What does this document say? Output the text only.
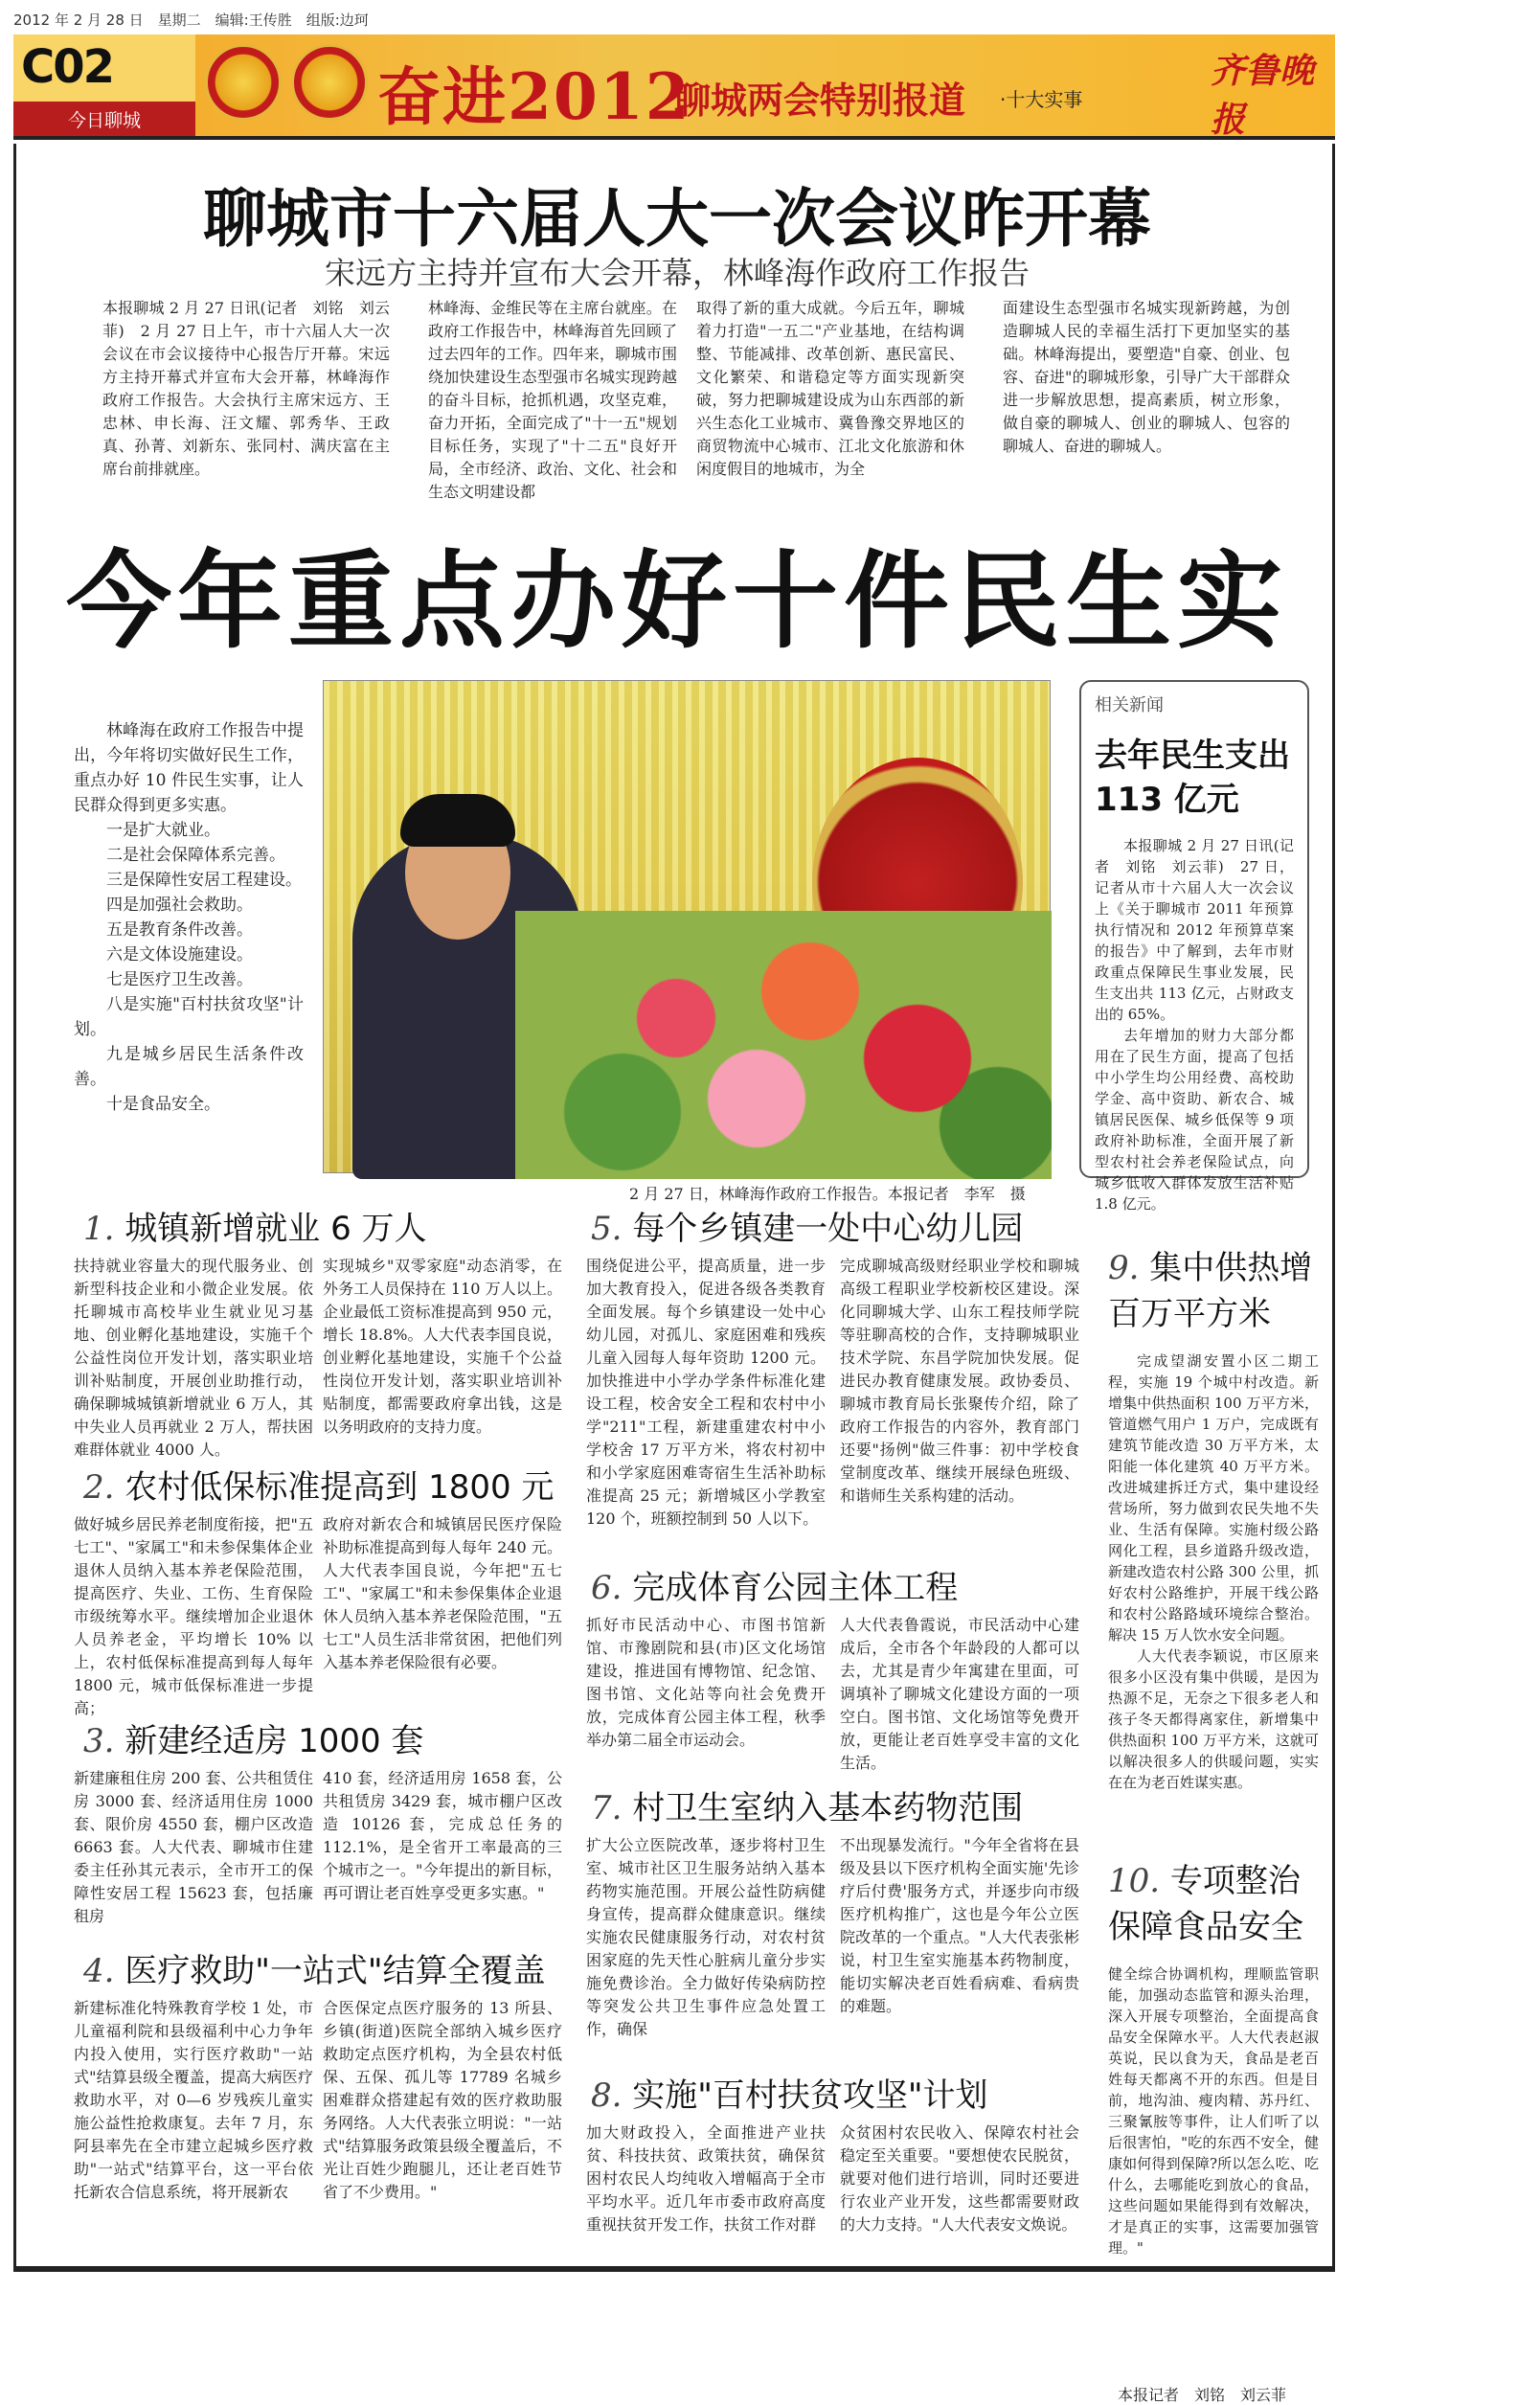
2012 年 2 月 28 日　星期二　编辑:王传胜　组版:边珂
C02
今日聊城	奋进2012
聊城两会特别报道 ·十大实事
齐鲁晚报
聊城市十六届人大一次会议昨开幕
宋远方主持并宣布大会开幕，林峰海作政府工作报告
本报聊城 2 月 27 日讯(记者　刘铭　刘云菲)　2 月 27 日上午，市十六届人大一次会议在市会议接待中心报告厅开幕。宋远方主持开幕式并宣布大会开幕，林峰海作政府工作报告。大会执行主席宋远方、王忠林、申长海、汪文耀、郭秀华、王政真、孙菁、刘新东、张同村、满庆富在主席台前排就座。
林峰海、金维民等在主席台就座。在政府工作报告中，林峰海首先回顾了过去四年的工作。四年来，聊城市围绕加快建设生态型强市名城实现跨越的奋斗目标，抢抓机遇，攻坚克难，奋力开拓，全面完成了"十一五"规划目标任务，实现了"十二五"良好开局，全市经济、政治、文化、社会和生态文明建设都
取得了新的重大成就。今后五年，聊城着力打造"一五二"产业基地，在结构调整、节能减排、改革创新、惠民富民、文化繁荣、和谐稳定等方面实现新突破，努力把聊城建设成为山东西部的新兴生态化工业城市、冀鲁豫交界地区的商贸物流中心城市、江北文化旅游和休闲度假目的地城市，为全
面建设生态型强市名城实现新跨越，为创造聊城人民的幸福生活打下更加坚实的基础。林峰海提出，要塑造"自豪、创业、包容、奋进"的聊城形象，引导广大干部群众进一步解放思想，提高素质，树立形象，做自豪的聊城人、创业的聊城人、包容的聊城人、奋进的聊城人。
今年重点办好十件民生实

林峰海在政府工作报告中提出，今年将切实做好民生工作，重点办好 10 件民生实事，让人民群众得到更多实惠。

一是扩大就业。

二是社会保障体系完善。

三是保障性安居工程建设。

四是加强社会救助。

五是教育条件改善。

六是文体设施建设。

七是医疗卫生改善。

八是实施"百村扶贫攻坚"计划。

九是城乡居民生活条件改善。

十是食品安全。

2 月 27 日，林峰海作政府工作报告。本报记者　李军　摄
相关新闻
去年民生支出 113 亿元

本报聊城 2 月 27 日讯(记者　刘铭　刘云菲)　27 日，记者从市十六届人大一次会议上《关于聊城市 2011 年预算执行情况和 2012 年预算草案的报告》中了解到，去年市财政重点保障民生事业发展，民生支出共 113 亿元，占财政支出的 65%。

去年增加的财力大部分都用在了民生方面，提高了包括中小学生均公用经费、高校助学金、高中资助、新农合、城镇居民医保、城乡低保等 9 项政府补助标准，全面开展了新型农村社会养老保险试点，向城乡低收入群体发放生活补贴 1.8 亿元。

1. 城镇新增就业 6 万人
扶持就业容量大的现代服务业、创新型科技企业和小微企业发展。依托聊城市高校毕业生就业见习基地、创业孵化基地建设，实施千个公益性岗位开发计划，落实职业培训补贴制度，开展创业助推行动，确保聊城城镇新增就业 6 万人，其中失业人员再就业 2 万人，帮扶困难群体就业 4000 人。
实现城乡"双零家庭"动态消零，在外务工人员保持在 110 万人以上。企业最低工资标准提高到 950 元，增长 18.8%。人大代表李国良说，创业孵化基地建设，实施千个公益性岗位开发计划，落实职业培训补贴制度，都需要政府拿出钱，这是以务明政府的支持力度。
2. 农村低保标准提高到 1800 元
做好城乡居民养老制度衔接，把"五七工"、"家属工"和未参保集体企业退休人员纳入基本养老保险范围，提高医疗、失业、工伤、生育保险市级统筹水平。继续增加企业退休人员养老金，平均增长 10% 以上，农村低保标准提高到每人每年 1800 元，城市低保标准进一步提高；
政府对新农合和城镇居民医疗保险补助标准提高到每人每年 240 元。人大代表李国良说，今年把"五七工"、"家属工"和未参保集体企业退休人员纳入基本养老保险范围，"五七工"人员生活非常贫困，把他们列入基本养老保险很有必要。
3. 新建经适房 1000 套
新建廉租住房 200 套、公共租赁住房 3000 套、经济适用住房 1000 套、限价房 4550 套，棚户区改造 6663 套。人大代表、聊城市住建委主任孙其元表示，全市开工的保障性安居工程 15623 套，包括廉租房
410 套，经济适用房 1658 套，公共租赁房 3429 套，城市棚户区改造 10126 套，完成总任务的 112.1%，是全省开工率最高的三个城市之一。"今年提出的新目标，再可谓让老百姓享受更多实惠。"
4. 医疗救助"一站式"结算全覆盖
新建标准化特殊教育学校 1 处，市儿童福利院和县级福利中心力争年内投入使用，实行医疗救助"一站式"结算县级全覆盖，提高大病医疗救助水平，对 0—6 岁残疾儿童实施公益性抢救康复。去年 7 月，东阿县率先在全市建立起城乡医疗救助"一站式"结算平台，这一平台依托新农合信息系统，将开展新农
合医保定点医疗服务的 13 所县、乡镇(街道)医院全部纳入城乡医疗救助定点医疗机构，为全县农村低保、五保、孤儿等 17789 名城乡困难群众搭建起有效的医疗救助服务网络。人大代表张立明说："一站式"结算服务政策县级全覆盖后，不光让百姓少跑腿儿，还让老百姓节省了不少费用。"
5. 每个乡镇建一处中心幼儿园
围绕促进公平，提高质量，进一步加大教育投入，促进各级各类教育全面发展。每个乡镇建设一处中心幼儿园，对孤儿、家庭困难和残疾儿童入园每人每年资助 1200 元。加快推进中小学办学条件标准化建设工程，校舍安全工程和农村中小学"211"工程，新建重建农村中小学校舍 17 万平方米，将农村初中和小学家庭困难寄宿生生活补助标准提高 25 元；新增城区小学教室 120 个，班额控制到 50 人以下。
完成聊城高级财经职业学校和聊城高级工程职业学校新校区建设。深化同聊城大学、山东工程技师学院等驻聊高校的合作，支持聊城职业技术学院、东昌学院加快发展。促进民办教育健康发展。政协委员、聊城市教育局长张聚传介绍，除了政府工作报告的内容外，教育部门还要"扬例"做三件事：初中学校食堂制度改革、继续开展绿色班级、和谐师生关系构建的活动。
6. 完成体育公园主体工程
抓好市民活动中心、市图书馆新馆、市豫剧院和县(市)区文化场馆建设，推进国有博物馆、纪念馆、图书馆、文化站等向社会免费开放，完成体育公园主体工程，秋季举办第二届全市运动会。
人大代表鲁霞说，市民活动中心建成后，全市各个年龄段的人都可以去，尤其是青少年寓建在里面，可调填补了聊城文化建设方面的一项空白。图书馆、文化场馆等免费开放，更能让老百姓享受丰富的文化生活。
7. 村卫生室纳入基本药物范围
扩大公立医院改革，逐步将村卫生室、城市社区卫生服务站纳入基本药物实施范围。开展公益性防病健身宣传，提高群众健康意识。继续实施农民健康服务行动，对农村贫困家庭的先天性心脏病儿童分步实施免费诊治。全力做好传染病防控等突发公共卫生事件应急处置工作，确保
不出现暴发流行。"今年全省将在县级及县以下医疗机构全面实施'先诊疗后付费'服务方式，并逐步向市级医疗机构推广，这也是今年公立医院改革的一个重点。"人大代表张彬说，村卫生室实施基本药物制度，能切实解决老百姓看病难、看病贵的难题。
8. 实施"百村扶贫攻坚"计划
加大财政投入，全面推进产业扶贫、科技扶贫、政策扶贫，确保贫困村农民人均纯收入增幅高于全市平均水平。近几年市委市政府高度重视扶贫开发工作，扶贫工作对群
众贫困村农民收入、保障农村社会稳定至关重要。"要想使农民脱贫，就要对他们进行培训，同时还要进行农业产业开发，这些都需要财政的大力支持。"人大代表安文焕说。
9. 集中供热增百万平方米

完成望湖安置小区二期工程，实施 19 个城中村改造。新增集中供热面积 100 万平方米，管道燃气用户 1 万户，完成既有建筑节能改造 30 万平方米，太阳能一体化建筑 40 万平方米。改进城建拆迁方式，集中建设经营场所，努力做到农民失地不失业、生活有保障。实施村级公路网化工程，县乡道路升级改造，新建改造农村公路 300 公里，抓好农村公路维护，开展干线公路和农村公路路域环境综合整治。解决 15 万人饮水安全问题。

人大代表李颖说，市区原来很多小区没有集中供暖，是因为热源不足，无奈之下很多老人和孩子冬天都得离家住，新增集中供热面积 100 万平方米，这就可以解决很多人的供暖问题，实实在在为老百姓谋实惠。

10. 专项整治保障食品安全
健全综合协调机构，理顺监管职能，加强动态监管和源头治理，深入开展专项整治，全面提高食品安全保障水平。人大代表赵淑英说，民以食为天，食品是老百姓每天都离不开的东西。但是目前，地沟油、瘦肉精、苏丹红、三聚氰胺等事件，让人们听了以后很害怕，"吃的东西不安全，健康如何得到保障?所以怎么吃、吃什么，去哪能吃到放心的食品，这些问题如果能得到有效解决，才是真正的实事，这需要加强管理。"
本报记者　刘铭　刘云菲
